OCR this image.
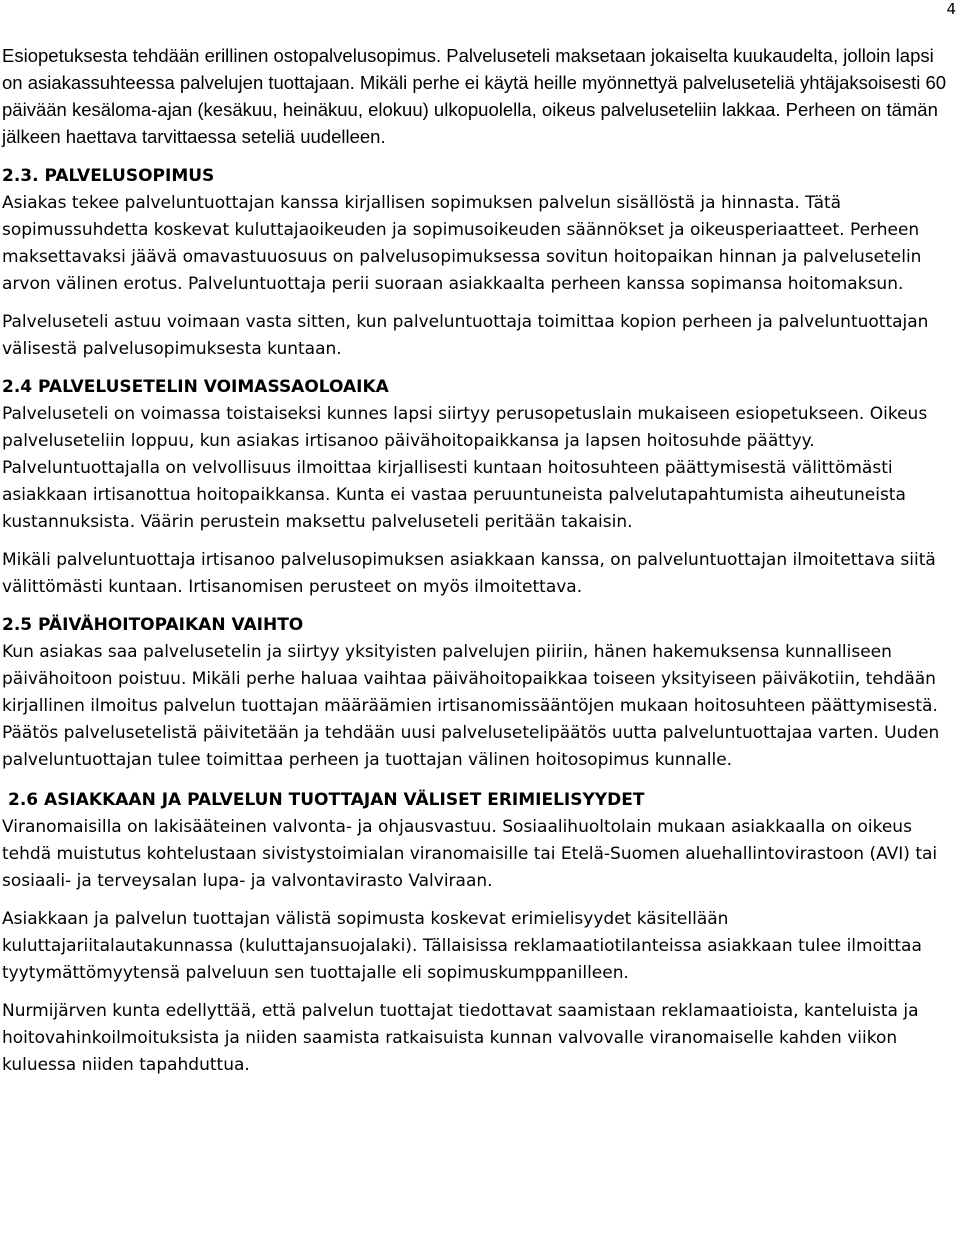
4

Esiopetuksesta tehdään erillinen ostopalvelusopimus. Palveluseteli maksetaan jokaiselta kuukaudelta, jolloin lapsi on asiakassuhteessa palvelujen tuottajaan. Mikäli perhe ei käytä heille myönnettyä palveluseteliä yhtäjaksoisesti 60 päivään kesäloma-ajan (kesäkuu, heinäkuu, elokuu) ulkopuolella, oikeus palveluseteliin lakkaa. Perheen on tämän jälkeen haettava tarvittaessa seteliä uudelleen.

2.3. PALVELUSOPIMUS

Asiakas tekee palveluntuottajan kanssa kirjallisen sopimuksen palvelun sisällöstä ja hinnasta. Tätä sopimussuhdetta koskevat kuluttajaoikeuden ja sopimusoikeuden säännökset ja oikeusperiaatteet. Perheen maksettavaksi jäävä omavastuuosuus on palvelusopimuksessa sovitun hoitopaikan hinnan ja palvelusetelin arvon välinen erotus. Palveluntuottaja perii suoraan asiakkaalta perheen kanssa sopimansa hoitomaksun.

Palveluseteli astuu voimaan vasta sitten, kun palveluntuottaja toimittaa kopion perheen ja palveluntuottajan välisestä palvelusopimuksesta kuntaan.

2.4 PALVELUSETELIN VOIMASSAOLOAIKA

Palveluseteli on voimassa toistaiseksi kunnes lapsi siirtyy perusopetuslain mukaiseen esiopetukseen. Oikeus palveluseteliin loppuu, kun asiakas irtisanoo päivähoitopaikkansa ja lapsen hoitosuhde päättyy. Palveluntuottajalla on velvollisuus ilmoittaa kirjallisesti kuntaan hoitosuhteen päättymisestä välittömästi asiakkaan irtisanottua hoitopaikkansa. Kunta ei vastaa peruuntuneista palvelutapahtumista aiheutuneista kustannuksista. Väärin perustein maksettu palveluseteli peritään takaisin.

Mikäli palveluntuottaja irtisanoo palvelusopimuksen asiakkaan kanssa, on palveluntuottajan ilmoitettava siitä välittömästi kuntaan. Irtisanomisen perusteet on myös ilmoitettava.

2.5 PÄIVÄHOITOPAIKAN VAIHTO

Kun asiakas saa palvelusetelin ja siirtyy yksityisten palvelujen piiriin, hänen hakemuksensa kunnalliseen päivähoitoon poistuu. Mikäli perhe haluaa vaihtaa päivähoitopaikkaa toiseen yksityiseen päiväkotiin, tehdään kirjallinen ilmoitus palvelun tuottajan määräämien irtisanomissääntöjen mukaan hoitosuhteen päättymisestä. Päätös palvelusetelistä päivitetään ja tehdään uusi palvelusetelipäätös uutta palveluntuottajaa varten. Uuden palveluntuottajan tulee toimittaa perheen ja tuottajan välinen hoitosopimus kunnalle.

2.6 ASIAKKAAN JA PALVELUN TUOTTAJAN VÄLISET ERIMIELISYYDET

Viranomaisilla on lakisääteinen valvonta- ja ohjausvastuu. Sosiaalihuoltolain mukaan asiakkaalla on oikeus tehdä muistutus kohtelustaan sivistystoimialan viranomaisille tai Etelä-Suomen aluehallintovirastoon (AVI) tai sosiaali- ja terveysalan lupa- ja valvontavirasto Valviraan.

Asiakkaan ja palvelun tuottajan välistä sopimusta koskevat erimielisyydet käsitellään kuluttajariitalautakunnassa (kuluttajansuojalaki). Tällaisissa reklamaatiotilanteissa asiakkaan tulee ilmoittaa tyytymättömyytensä palveluun sen tuottajalle eli sopimuskumppanilleen.

Nurmijärven kunta edellyttää, että palvelun tuottajat tiedottavat saamistaan reklamaatioista, kanteluista ja hoitovahinkoilmoituksista ja niiden saamista ratkaisuista kunnan valvovalle viranomaiselle kahden viikon kuluessa niiden tapahduttua.
